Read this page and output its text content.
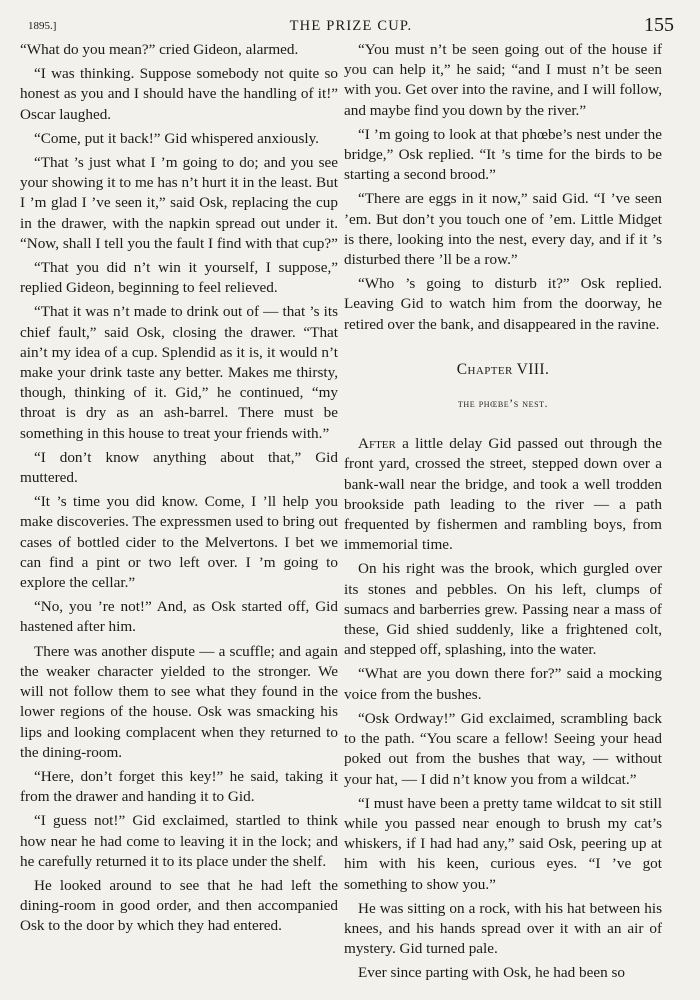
1895.]	THE PRIZE CUP.	155

“What do you mean?” cried Gideon, alarmed.

“I was thinking. Suppose somebody not quite so honest as you and I should have the handling of it!” Oscar laughed.

“Come, put it back!” Gid whispered anxiously.

“That ’s just what I ’m going to do; and you see your showing it to me has n’t hurt it in the least. But I ’m glad I ’ve seen it,” said Osk, replacing the cup in the drawer, with the napkin spread out under it. “Now, shall I tell you the fault I find with that cup?”

“That you did n’t win it yourself, I suppose,” replied Gideon, beginning to feel relieved.

“That it was n’t made to drink out of — that ’s its chief fault,” said Osk, closing the drawer. “That ain’t my idea of a cup. Splendid as it is, it would n’t make your drink taste any better. Makes me thirsty, though, thinking of it. Gid,” he continued, “my throat is dry as an ash-barrel. There must be something in this house to treat your friends with.”

“I don’t know anything about that,” Gid muttered.

“It ’s time you did know. Come, I ’ll help you make discoveries. The expressmen used to bring out cases of bottled cider to the Melvertons. I bet we can find a pint or two left over. I ’m going to explore the cellar.”

“No, you ’re not!” And, as Osk started off, Gid hastened after him.

There was another dispute — a scuffle; and again the weaker character yielded to the stronger. We will not follow them to see what they found in the lower regions of the house. Osk was smacking his lips and looking complacent when they returned to the dining-room.

“Here, don’t forget this key!” he said, taking it from the drawer and handing it to Gid.

“I guess not!” Gid exclaimed, startled to think how near he had come to leaving it in the lock; and he carefully returned it to its place under the shelf.

He looked around to see that he had left the dining-room in good order, and then accompanied Osk to the door by which they had entered.

“You must n’t be seen going out of the house if you can help it,” he said; “and I must n’t be seen with you. Get over into the ravine, and I will follow, and maybe find you down by the river.”

“I ’m going to look at that phœbe’s nest under the bridge,” Osk replied. “It ’s time for the birds to be starting a second brood.”

“There are eggs in it now,” said Gid. “I ’ve seen ’em. But don’t you touch one of ’em. Little Midget is there, looking into the nest, every day, and if it ’s disturbed there ’ll be a row.”

“Who ’s going to disturb it?” Osk replied. Leaving Gid to watch him from the doorway, he retired over the bank, and disappeared in the ravine.

Chapter VIII.
the phœbe’s nest.

After a little delay Gid passed out through the front yard, crossed the street, stepped down over a bank-wall near the bridge, and took a well trodden brookside path leading to the river — a path frequented by fishermen and rambling boys, from immemorial time.

On his right was the brook, which gurgled over its stones and pebbles. On his left, clumps of sumacs and barberries grew. Passing near a mass of these, Gid shied suddenly, like a frightened colt, and stepped off, splashing, into the water.

“What are you down there for?” said a mocking voice from the bushes.

“Osk Ordway!” Gid exclaimed, scrambling back to the path. “You scare a fellow! Seeing your head poked out from the bushes that way, — without your hat, — I did n’t know you from a wildcat.”

“I must have been a pretty tame wildcat to sit still while you passed near enough to brush my cat’s whiskers, if I had had any,” said Osk, peering up at him with his keen, curious eyes. “I ’ve got something to show you.”

He was sitting on a rock, with his hat between his knees, and his hands spread over it with an air of mystery. Gid turned pale.

Ever since parting with Osk, he had been so
